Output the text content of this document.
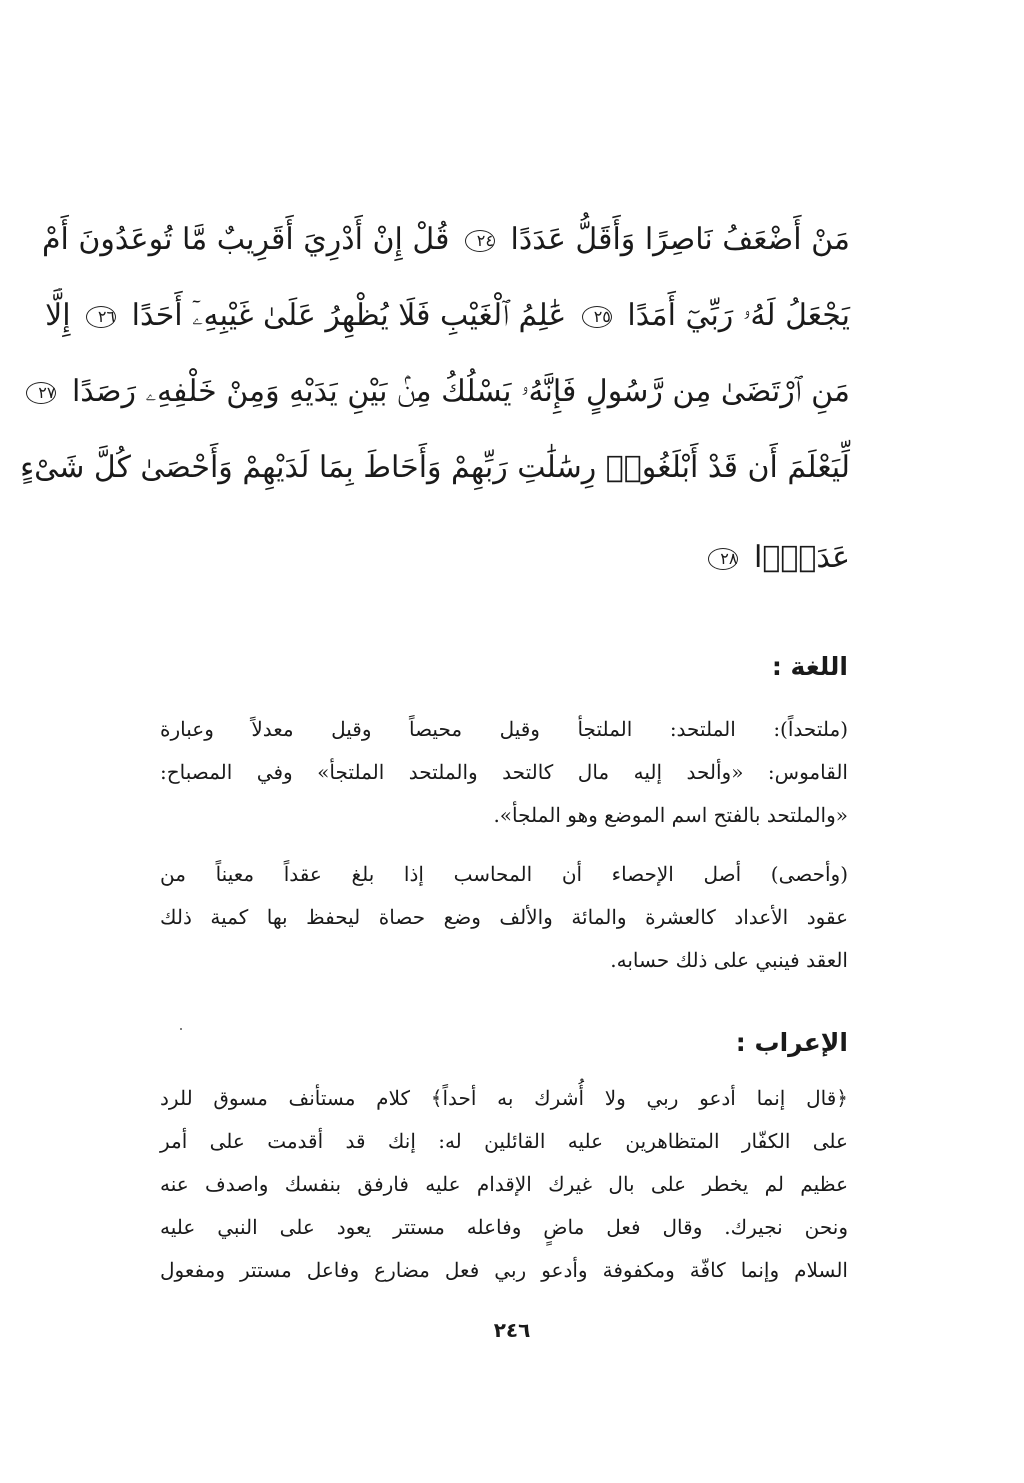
مَنْ أَضْعَفُ نَاصِرًا وَأَقَلُّ عَدَدًا ٢٤ قُلْ إِنْ أَدْرِيَ أَقَرِيبٌ مَّا تُوعَدُونَ أَمْ
يَجْعَلُ لَهُۥ رَبِّيٓ أَمَدًا ٢٥ عَٰلِمُ ٱلْغَيْبِ فَلَا يُظْهِرُ عَلَىٰ غَيْبِهِۦٓ أَحَدًا ٢٦ إِلَّا
مَنِ ٱرْتَضَىٰ مِن رَّسُولٍ فَإِنَّهُۥ يَسْلُكُ مِنۢ بَيْنِ يَدَيْهِ وَمِنْ خَلْفِهِۦ رَصَدًا ٢٧
لِّيَعْلَمَ أَن قَدْ أَبْلَغُوا۟ رِسَٰلَٰتِ رَبِّهِمْ وَأَحَاطَ بِمَا لَدَيْهِمْ وَأَحْصَىٰ كُلَّ شَىْءٍ
عَدَدًۢا ٢٨
اللغة :
(ملتحداً): الملتحد: الملتجأ وقيل محيصاً وقيل معدلاً وعبارة
القاموس: «وألحد إليه مال كالتحد والملتحد الملتجأ» وفي المصباح:
«والملتحد بالفتح اسم الموضع وهو الملجأ».
(وأحصى) أصل الإحصاء أن المحاسب إذا بلغ عقداً معيناً من
عقود الأعداد كالعشرة والمائة والألف وضع حصاة ليحفظ بها كمية ذلك
العقد فينبي على ذلك حسابه.
الإعراب :
﴿قال إنما أدعو ربي ولا أُشرك به أحداً﴾ كلام مستأنف مسوق للرد
على الكفّار المتظاهرين عليه القائلين له: إنك قد أقدمت على أمر
عظيم لم يخطر على بال غيرك الإقدام عليه فارفق بنفسك واصدف عنه
ونحن نجيرك. وقال فعل ماضٍ وفاعله مستتر يعود على النبي عليه
السلام وإنما كافّة ومكفوفة وأدعو ربي فعل مضارع وفاعل مستتر ومفعول
٢٤٦
